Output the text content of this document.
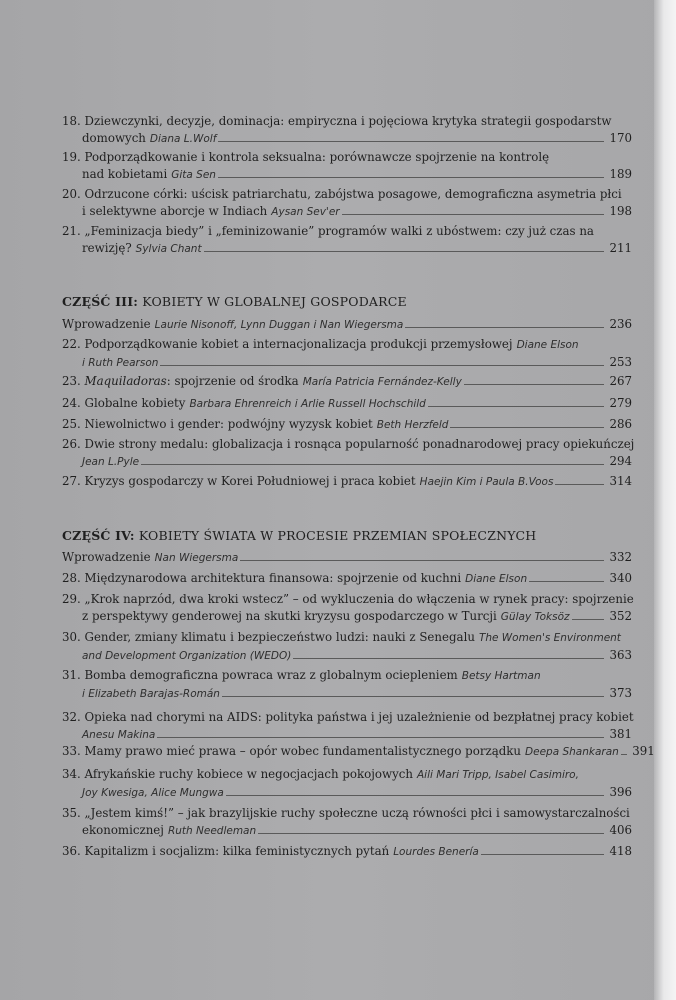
18.
Dziewczynki, decyzje, dominacja: empiryczna i pojęciowa krytyka strategii gospodarstw
domowych Diana L.Wolf	170
19.
Podporządkowanie i kontrola seksualna: porównawcze spojrzenie na kontrolę
nad kobietami Gita Sen	189
20.
Odrzucone córki: uścisk patriarchatu, zabójstwa posagowe, demograficzna asymetria płci
i selektywne aborcje w Indiach Aysan Sev'er	198
21.
„Feminizacja biedy” i „feminizowanie” programów walki z ubóstwem: czy już czas na
rewizję? Sylvia Chant	211
CZĘŚĆ III: KOBIETY W GLOBALNEJ GOSPODARCE
Wprowadzenie Laurie Nisonoff, Lynn Duggan i Nan Wiegersma	236
22.
Podporządkowanie kobiet a internacjonalizacja produkcji przemysłowej Diane Elson
i Ruth Pearson	253
23.
Maquiladoras : spojrzenie od środka María Patricia Fernández-Kelly	267
24.
Globalne kobiety Barbara Ehrenreich i Arlie Russell Hochschild	279
25.
Niewolnictwo i gender: podwójny wyzysk kobiet Beth Herzfeld	286
26.
Dwie strony medalu: globalizacja i rosnąca popularność ponadnarodowej pracy opiekuńczej
Jean L.Pyle	294
27.
Kryzys gospodarczy w Korei Południowej i praca kobiet Haejin Kim i Paula B.Voos	314
CZĘŚĆ IV: KOBIETY ŚWIATA W PROCESIE PRZEMIAN SPOŁECZNYCH
Wprowadzenie Nan Wiegersma	332
28.
Międzynarodowa architektura finansowa: spojrzenie od kuchni Diane Elson	340
29.
„Krok naprzód, dwa kroki wstecz” – od wykluczenia do włączenia w rynek pracy: spojrzenie
z perspektywy genderowej na skutki kryzysu gospodarczego w Turcji Gülay Toksöz	352
30.
Gender, zmiany klimatu i bezpieczeństwo ludzi: nauki z Senegalu The Women's Environment
and Development Organization (WEDO)	363
31.
Bomba demograficzna powraca wraz z globalnym ociepleniem Betsy Hartman
i Elizabeth Barajas-Román	373
32.
Opieka nad chorymi na AIDS: polityka państwa i jej uzależnienie od bezpłatnej pracy kobiet
Anesu Makina	381
33.
Mamy prawo mieć prawa – opór wobec fundamentalistycznego porządku Deepa Shankaran 391
34.
Afrykańskie ruchy kobiece w negocjacjach pokojowych Aili Mari Tripp, Isabel Casimiro,
Joy Kwesiga, Alice Mungwa	396
35.
„Jestem kimś!” – jak brazylijskie ruchy społeczne uczą równości płci i samowystarczalności
ekonomicznej Ruth Needleman	406
36.
Kapitalizm i socjalizm: kilka feministycznych pytań Lourdes Benería	418
